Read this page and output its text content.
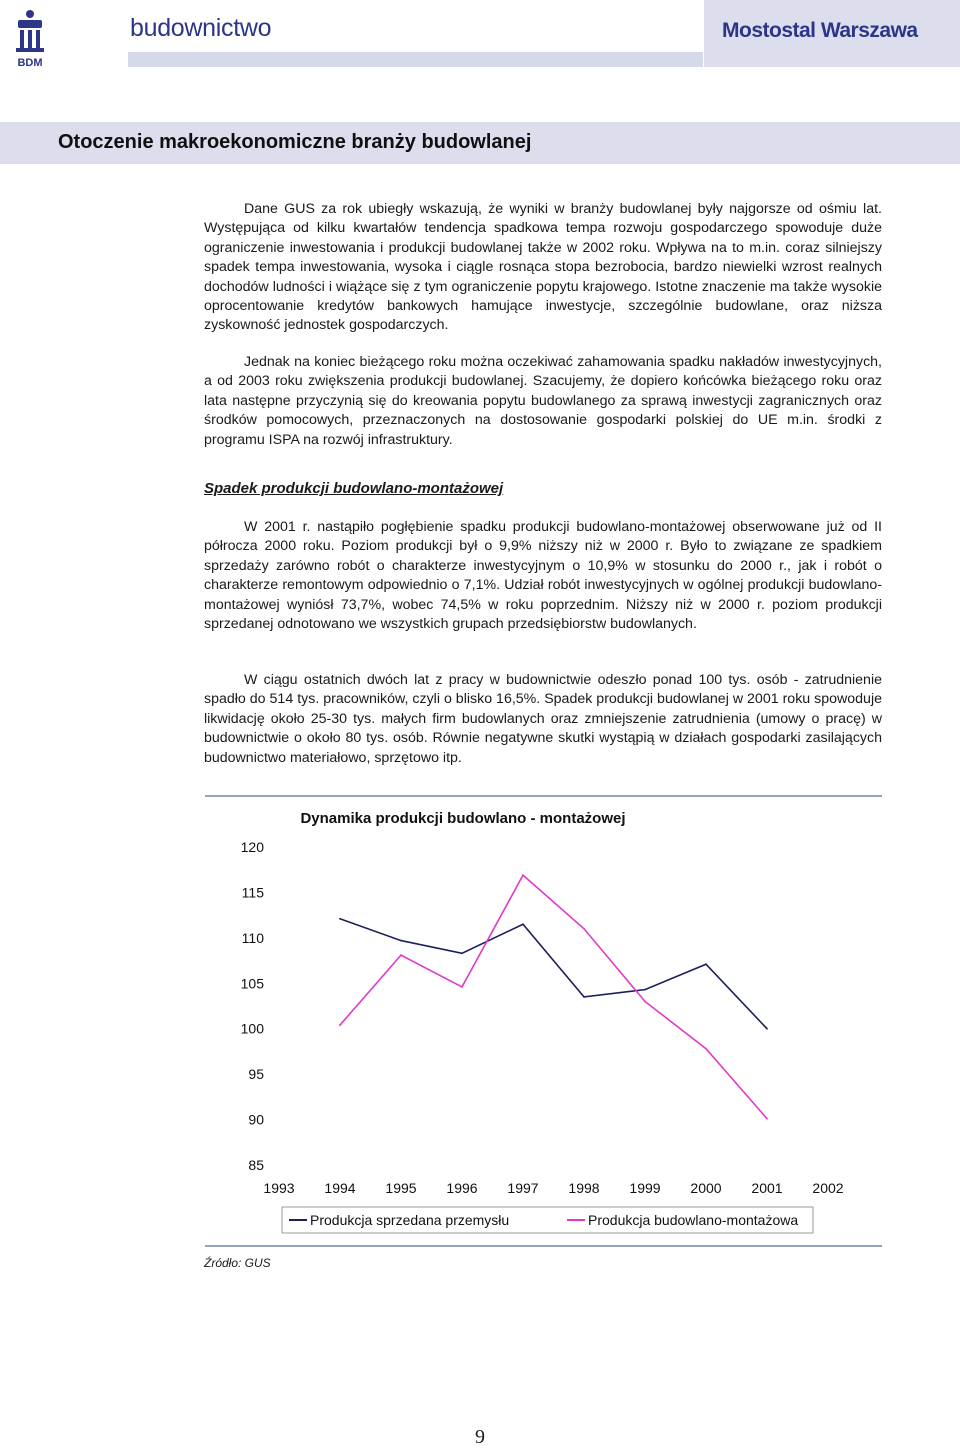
BDM
budownictwo	Mostostal Warszawa
Otoczenie makroekonomiczne branży budowlanej

Dane GUS za rok ubiegły wskazują, że wyniki w branży budowlanej były najgorsze od ośmiu lat. Występująca od kilku kwartałów tendencja spadkowa tempa rozwoju gospodarczego spowoduje duże ograniczenie inwestowania i produkcji budowlanej także w 2002 roku. Wpływa na to m.in. coraz silniejszy spadek tempa inwestowania, wysoka i ciągle rosnąca stopa bezrobocia, bardzo niewielki wzrost realnych dochodów ludności i wiążące się z tym ograniczenie popytu krajowego. Istotne znaczenie ma także wysokie oprocentowanie kredytów bankowych hamujące inwestycje, szczególnie budowlane, oraz niższa zyskowność jednostek gospodarczych.

Jednak na koniec bieżącego roku można oczekiwać zahamowania spadku nakładów inwestycyjnych, a od 2003 roku zwiększenia produkcji budowlanej. Szacujemy, że dopiero końcówka bieżącego roku oraz lata następne przyczynią się do kreowania popytu budowlanego za sprawą inwestycji zagranicznych oraz środków pomocowych, przeznaczonych na dostosowanie gospodarki polskiej do UE m.in. środki z programu ISPA na rozwój infrastruktury.

Spadek produkcji budowlano-montażowej

W 2001 r. nastąpiło pogłębienie spadku produkcji budowlano-montażowej obserwowane już od II półrocza 2000 roku. Poziom produkcji był o 9,9% niższy niż w 2000 r. Było to związane ze spadkiem sprzedaży zarówno robót o charakterze inwestycyjnym o 10,9% w stosunku do 2000 r., jak i robót o charakterze remontowym odpowiednio o 7,1%. Udział robót inwestycyjnych w ogólnej produkcji budowlano-montażowej wyniósł 73,7%, wobec 74,5% w roku poprzednim. Niższy niż w 2000 r. poziom produkcji sprzedanej odnotowano we wszystkich grupach przedsiębiorstw budowlanych.

W ciągu ostatnich dwóch lat z pracy w budownictwie odeszło ponad 100 tys. osób - zatrudnienie spadło do 514 tys. pracowników, czyli o blisko 16,5%. Spadek produkcji budowlanej w 2001 roku spowoduje likwidację około 25-30 tys. małych firm budowlanych oraz zmniejszenie zatrudnienia (umowy o pracę) w budownictwie o około 80 tys. osób. Równie negatywne skutki wystąpią w działach gospodarki zasilających budownictwo materiałowo, sprzętowo itp.

Dynamika produkcji budowlano - montażowej
120
115
110
105
100
95
90
85
1993 1994 1995 1996 1997 1998 1999 2000 2001 2002
Produkcja sprzedana przemysłu	Produkcja budowlano-montażowa
Źródło: GUS
9
